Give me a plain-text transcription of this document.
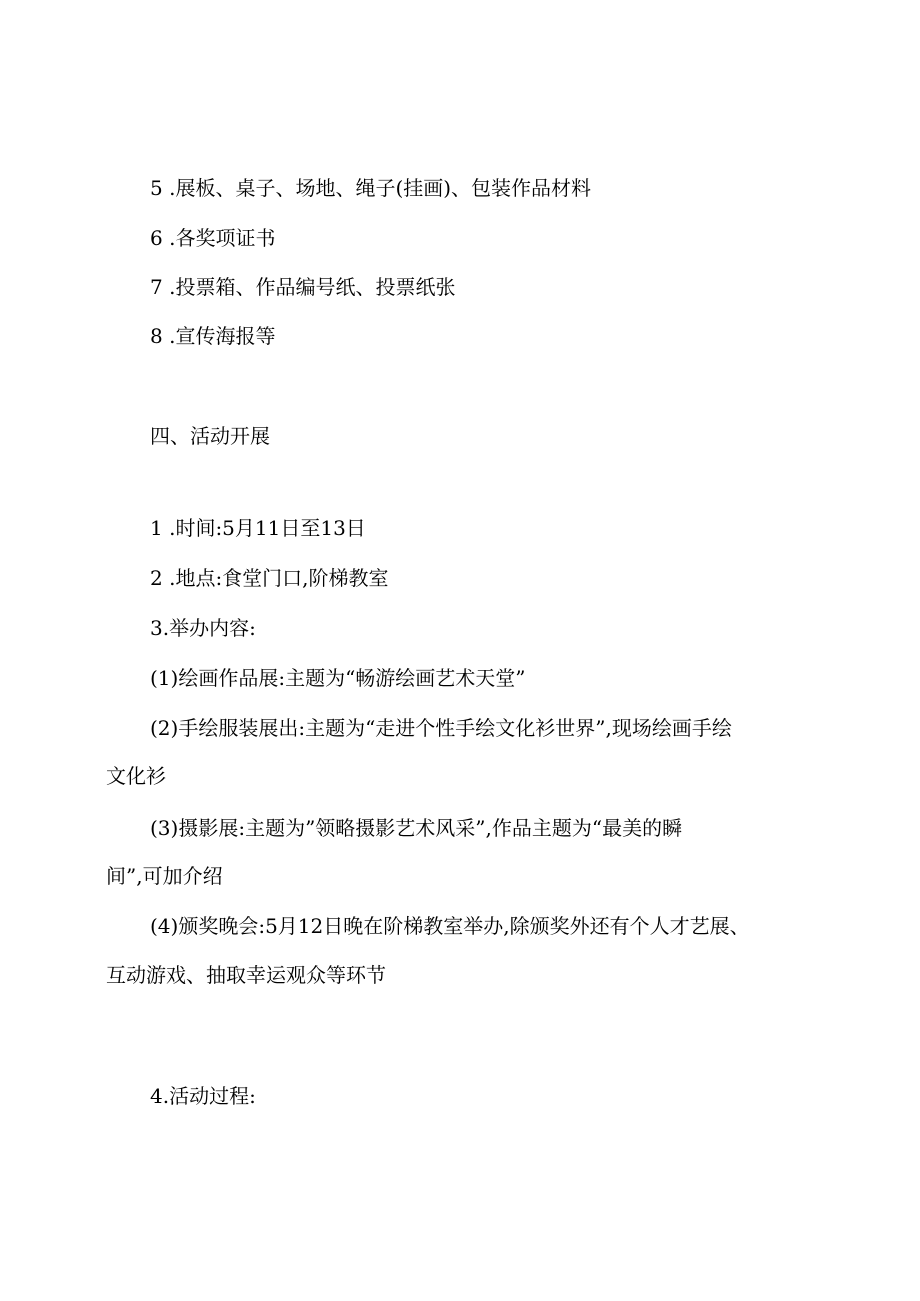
5 .展板、桌子、场地、绳子(挂画)、包装作品材料

6 .各奖项证书

7 .投票箱、作品编号纸、投票纸张

8 .宣传海报等

四、活动开展

1 .时间:5月11日至13日

2 .地点:食堂门口,阶梯教室

3.举办内容:

(1)绘画作品展:主题为“畅游绘画艺术天堂”

(2)手绘服装展出:主题为“走进个性手绘文化衫世界”,现场绘画手绘

文化衫

(3)摄影展:主题为”领略摄影艺术风采”,作品主题为“最美的瞬

间”,可加介绍

(4)颁奖晚会:5月12日晚在阶梯教室举办,除颁奖外还有个人才艺展、

互动游戏、抽取幸运观众等环节

4.活动过程:
